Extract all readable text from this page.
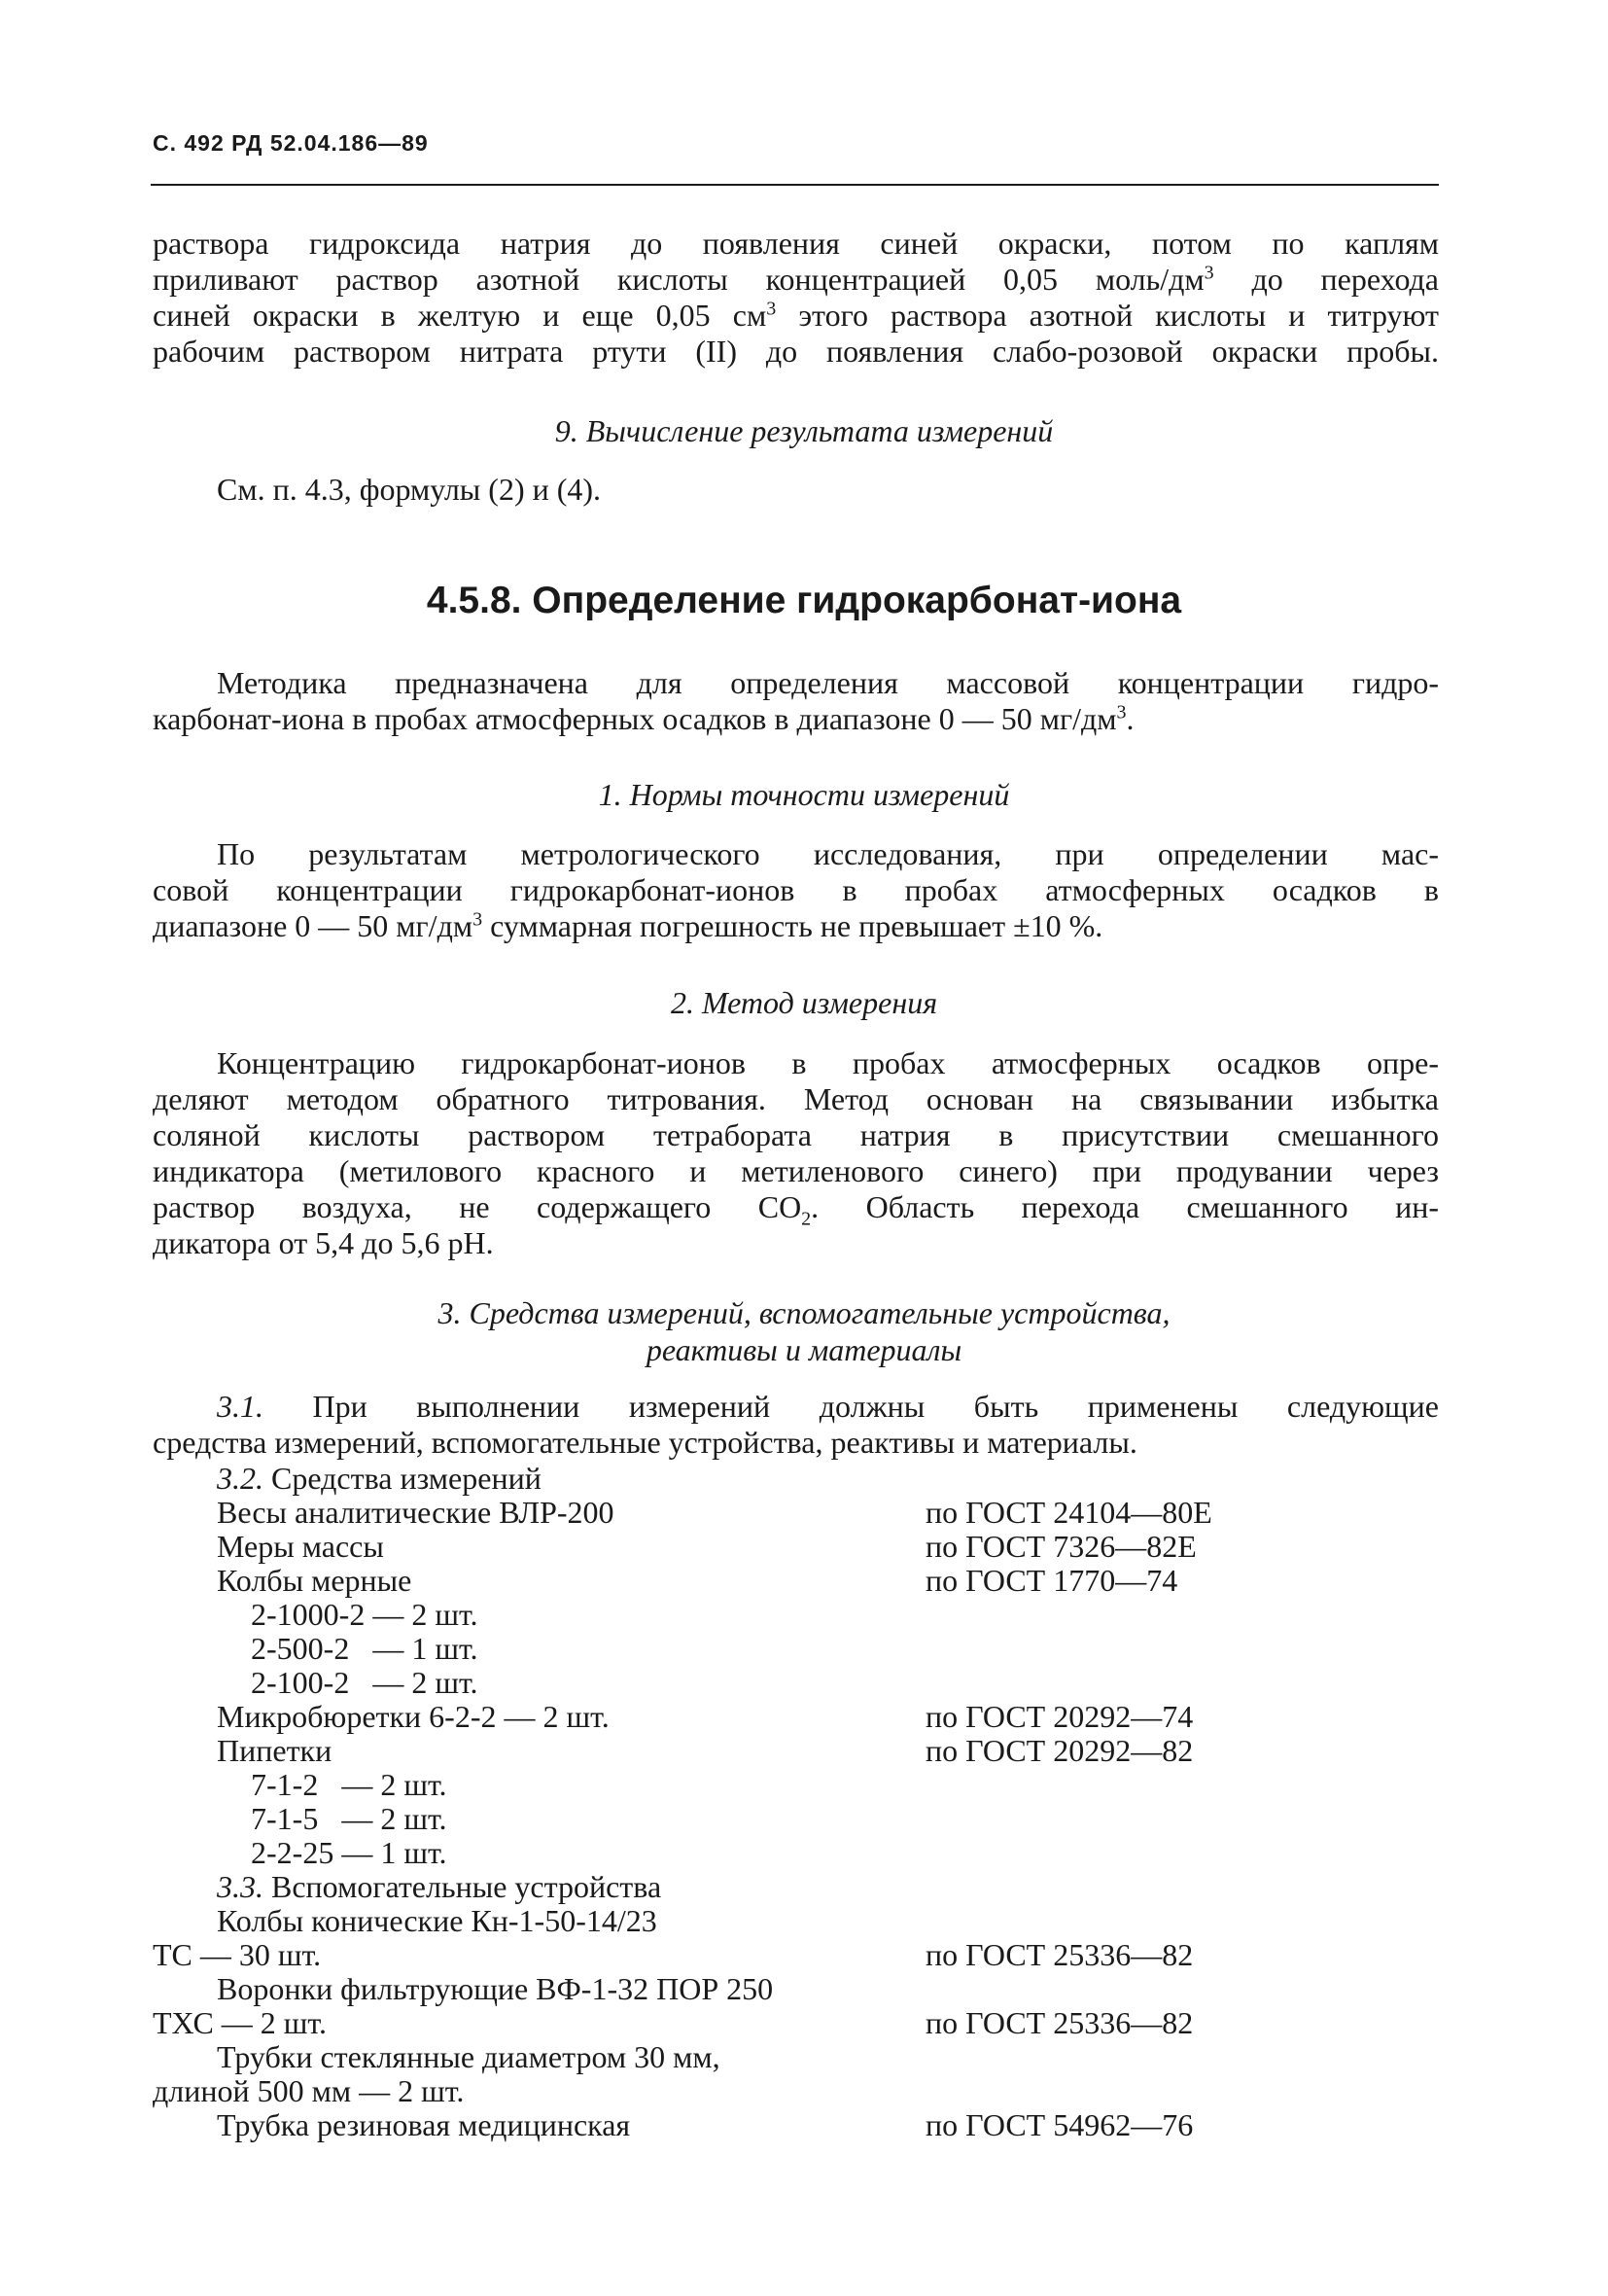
С. 492 РД 52.04.186—89
раствора гидроксида натрия до появления синей окраски, потом по каплям
приливают раствор азотной кислоты концентрацией 0,05 моль/$дм^3$ до перехода
синей окраски в желтую и еще 0,05 $см^3$ этого раствора азотной кислоты и титруют
рабочим раствором нитрата ртути (II) до появления слабо-розовой окраски пробы.
9. Вычисление результата измерений
См. п. 4.3, формулы (2) и (4).
4.5.8. Определение гидрокарбонат-иона
Методика предназначена для определения массовой концентрации гидро-
карбонат-иона в пробах атмосферных осадков в диапазоне 0 — 50 $мг/дм^3$.
1. Нормы точности измерений
По результатам метрологического исследования, при определении мас-
совой концентрации гидрокарбонат-ионов в пробах атмосферных осадков в
диапазоне 0 — 50 $мг/дм^3$ суммарная погрешность не превышает ±10 %.
2. Метод измерения
Концентрацию гидрокарбонат-ионов в пробах атмосферных осадков опре-
деляют методом обратного титрования. Метод основан на связывании избытка
соляной кислоты раствором тетрабората натрия в присутствии смешанного
индикатора (метилового красного и метиленового синего) при продувании через
раствор воздуха, не содержащего $CO_2$. Область перехода смешанного ин-
дикатора от 5,4 до 5,6 pH.
3. Средства измерений, вспомогательные устройства,
реактивы и материалы
3.1. При выполнении измерений должны быть применены следующие
средства измерений, вспомогательные устройства, реактивы и материалы.
3.2. Средства измерений
Весы аналитические ВЛР-200	по ГОСТ 24104—80Е
Меры массы	по ГОСТ 7326—82Е
Колбы мерные	по ГОСТ 1770—74
2-1000-2 — 2 шт.
2-500-2   — 1 шт.
2-100-2   — 2 шт.
Микробюретки 6-2-2 — 2 шт.	по ГОСТ 20292—74
Пипетки	по ГОСТ 20292—82
7-1-2   — 2 шт.
7-1-5   — 2 шт.
2-2-25 — 1 шт.
3.3. Вспомогательные устройства
Колбы конические Кн-1-50-14/23
ТС — 30 шт.	по ГОСТ 25336—82
Воронки фильтрующие ВФ-1-32 ПОР 250
ТХС — 2 шт.	по ГОСТ 25336—82
Трубки стеклянные диаметром 30 мм,
длиной 500 мм — 2 шт.
Трубка резиновая медицинская	по ГОСТ 54962—76
